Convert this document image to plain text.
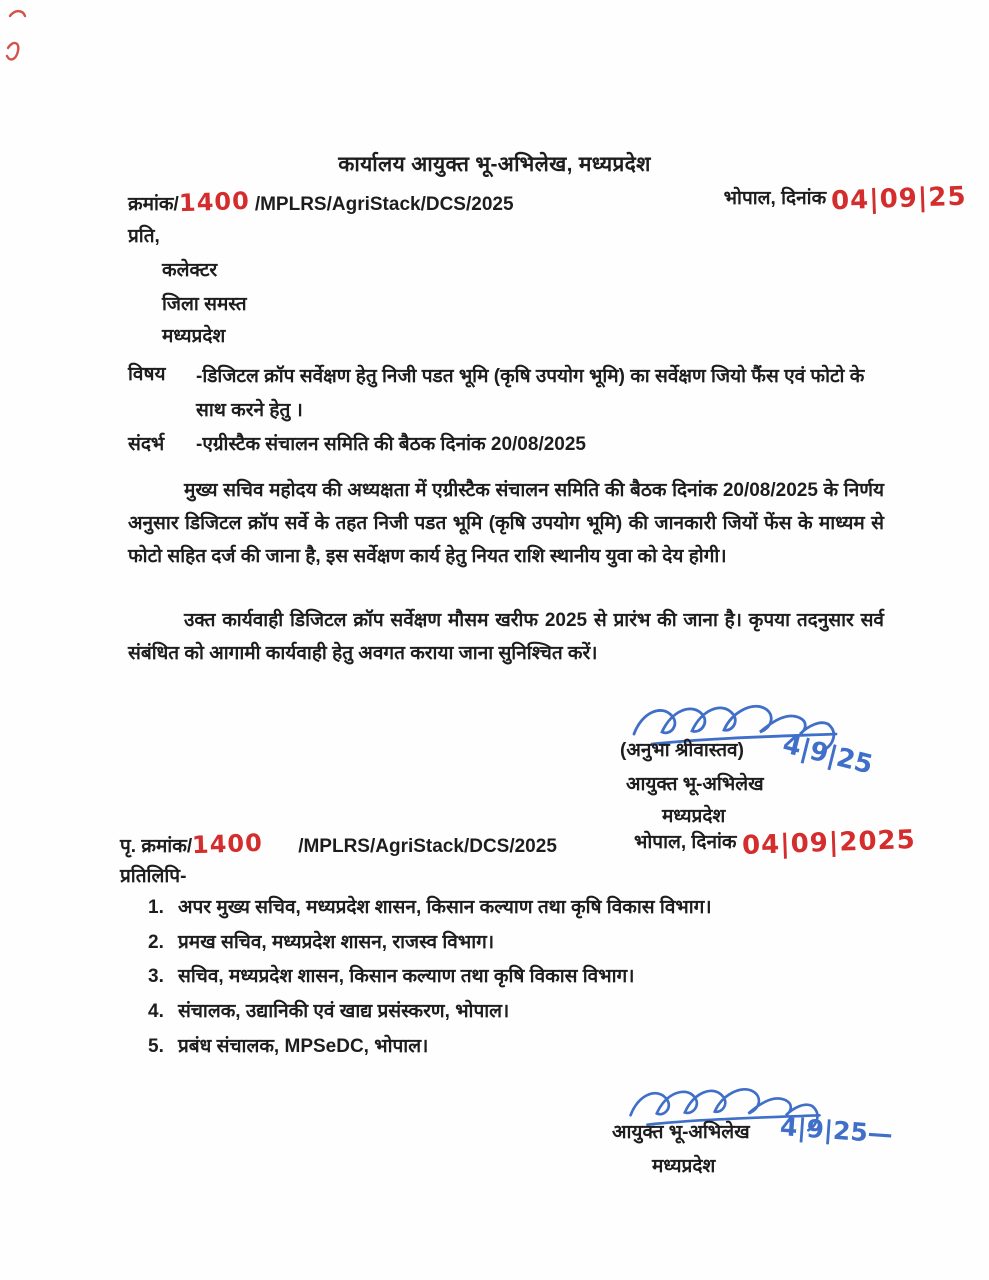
कार्यालय आयुक्त भू-अभिलेख, मध्यप्रदेश
क्रमांक/1400 /MPLRS/AgriStack/DCS/2025	भोपाल, दिनांक 04|09|25
प्रति,
कलेक्टर
जिला समस्त
मध्यप्रदेश
विषय -डिजिटल क्रॉप सर्वेक्षण हेतु निजी पडत भूमि (कृषि उपयोग भूमि) का सर्वेक्षण जियो फैंस एवं फोटो के साथ करने हेतु ।
संदर्भ -एग्रीस्टैक संचालन समिति की बैठक दिनांक 20/08/2025
मुख्य सचिव महोदय की अध्यक्षता में एग्रीस्टैक संचालन समिति की बैठक दिनांक 20/08/2025 के निर्णय अनुसार डिजिटल क्रॉप सर्वे के तहत निजी पडत भूमि (कृषि उपयोग भूमि) की जानकारी जियों फेंस के माध्यम से फोटो सहित दर्ज की जाना है, इस सर्वेक्षण कार्य हेतु नियत राशि स्थानीय युवा को देय होगी।
उक्त कार्यवाही डिजिटल क्रॉप सर्वेक्षण मौसम खरीफ 2025 से प्रारंभ की जाना है। कृपया तदनुसार सर्व संबंधित को आगामी कार्यवाही हेतु अवगत कराया जाना सुनिश्चित करें।
(अनुभा श्रीवास्तव) 4|9|25
आयुक्त भू-अभिलेख
मध्यप्रदेश
पृ. क्रमांक/1400 /MPLRS/AgriStack/DCS/2025	भोपाल, दिनांक 04|09|2025
प्रतिलिपि-
1. अपर मुख्य सचिव, मध्यप्रदेश शासन, किसान कल्याण तथा कृषि विकास विभाग।
2. प्रमख सचिव, मध्यप्रदेश शासन, राजस्व विभाग।
3. सचिव, मध्यप्रदेश शासन, किसान कल्याण तथा कृषि विकास विभाग।
4. संचालक, उद्यानिकी एवं खाद्य प्रसंस्करण, भोपाल।
5. प्रबंध संचालक, MPSeDC, भोपाल।
आयुक्त भू-अभिलेख 4|9|25—
मध्यप्रदेश
